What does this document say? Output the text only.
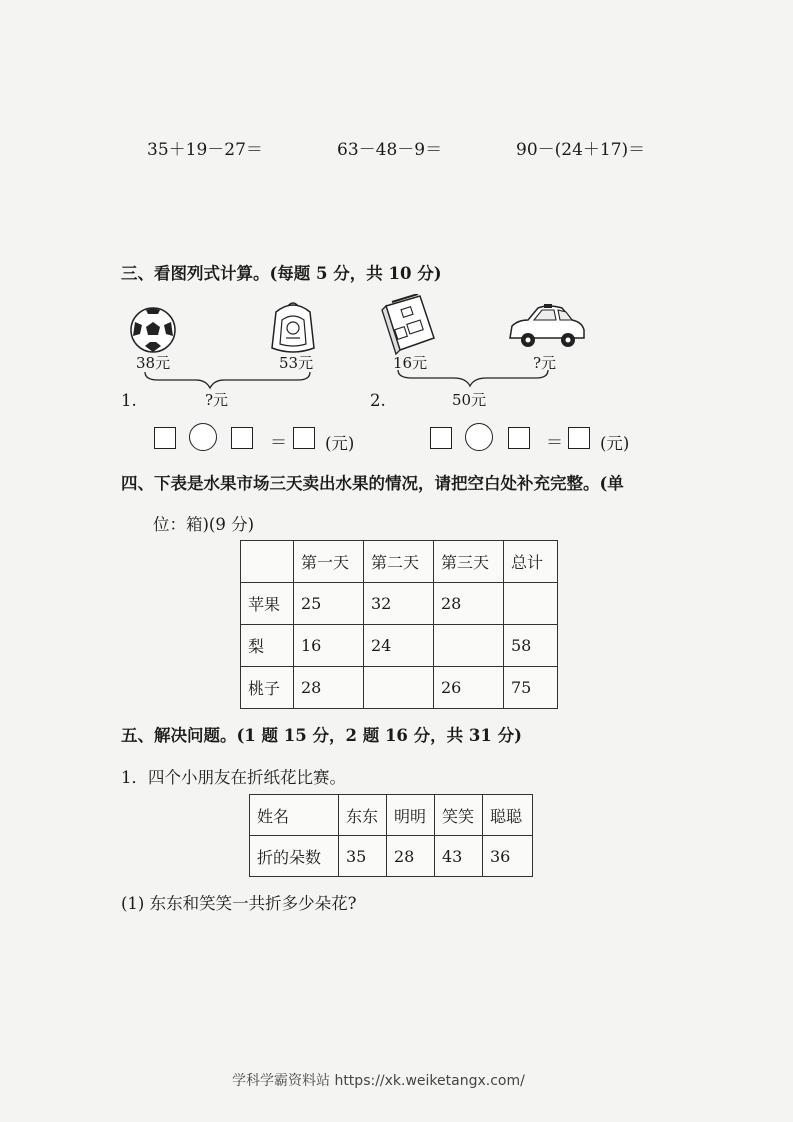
35＋19－27＝	63－48－9＝	90－(24＋17)＝
三、看图列式计算。(每题 5 分，共 10 分)
38元	53元
1.	?元
＝ (元)
16元	?元
2.	50元
＝ (元)
四、下表是水果市场三天卖出水果的情况，请把空白处补充完整。(单
位：箱)(9 分)
	第一天	第二天	第三天	总计
苹果	25	32	28	
梨	16	24		58
桃子	28		26	75
五、解决问题。(1 题 15 分，2 题 16 分，共 31 分)
1．四个小朋友在折纸花比赛。
姓名	东东	明明	笑笑	聪聪
折的朵数	35	28	43	36
(1) 东东和笑笑一共折多少朵花?
学科学霸资料站 https://xk.weiketangx.com/
